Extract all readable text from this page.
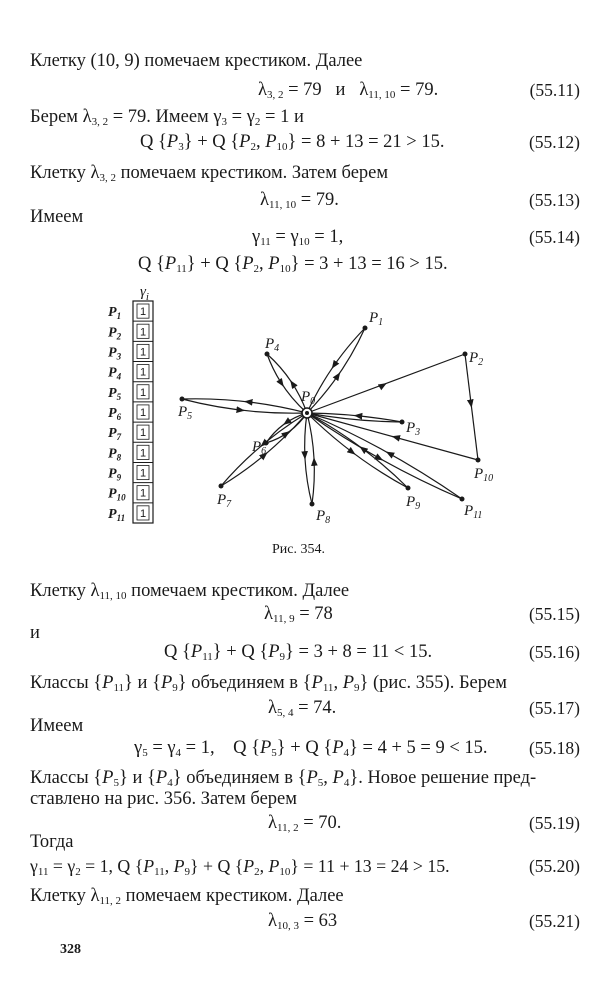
Клетку (10, 9) помечаем крестиком. Далее
$\lambda_{3, 2} = 79$   и   $\lambda_{11, 10} = 79$.	(55.11)
Берем $\lambda_{3, 2} = 79$. Имеем $\gamma_3 = \gamma_2 = 1$ и
Q $\{P_3\} + Q$ {$P_2$, $P_{10}\} = 8 + 13 = 21 > 15$.	(55.12)
Клетку $\lambda_{3, 2}$ помечаем крестиком. Затем берем
$\lambda_{11, 10} = 79$.	(55.13)
Имеем
$\gamma_{11} = \gamma_{10} = 1$,	(55.14)
Q $\{P_{11}\} + Q$ {$P_2$, $P_{10}\} = 3 + 13 = 16 > 15$.
$\gamma_i$
$P_1$ 1
$P_2$ 1
$P_3$ 1
$P_4$ 1
$P_5$ 1
$P_6$ 1
$P_7$ 1
$P_8$ 1
$P_9$ 1
$P_{10}$ 1
$P_{11}$ 1
$P_0$
$P_1$
$P_2$
$P_3$
$P_4$
$P_5$
$P_6$
$P_7$
$P_8$
$P_9$
$P_{10}$
$P_{11}$
Рис. 354.
Клетку $\lambda_{11, 10}$ помечаем крестиком. Далее
$\lambda_{11, 9} = 78$	(55.15)
и
Q $\{P_{11}\} + Q$ $\{P_9\} = 3 + 8 = 11 < 15$.	(55.16)
Классы $\{P_{11}\}$ и $\{P_9\}$ объединяем в {$P_{11}$, $P_9$} (рис. 355). Берем
$\lambda_{5, 4} = 74$.	(55.17)
Имеем
$\gamma_5 = \gamma_4 = 1$,    Q $\{P_5\} + Q$ $\{P_4\} = 4 + 5 = 9 < 15$. (55.18)
Классы $\{P_5\}$ и $\{P_4\}$ объединяем в {$P_5$, $P_4$}. Новое решение пред-
ставлено на рис. 356. Затем берем
$\lambda_{11, 2} = 70$.	(55.19)
Тогда
$\gamma_{11} = \gamma_2 = 1$, Q {$P_{11}$, $P_9\} + Q$ {$P_2$, $P_{10}\} = 11 + 13 = 24 > 15$.	(55.20)
Клетку $\lambda_{11, 2}$ помечаем крестиком. Далее
$\lambda_{10, 3} = 63$	(55.21)
328
